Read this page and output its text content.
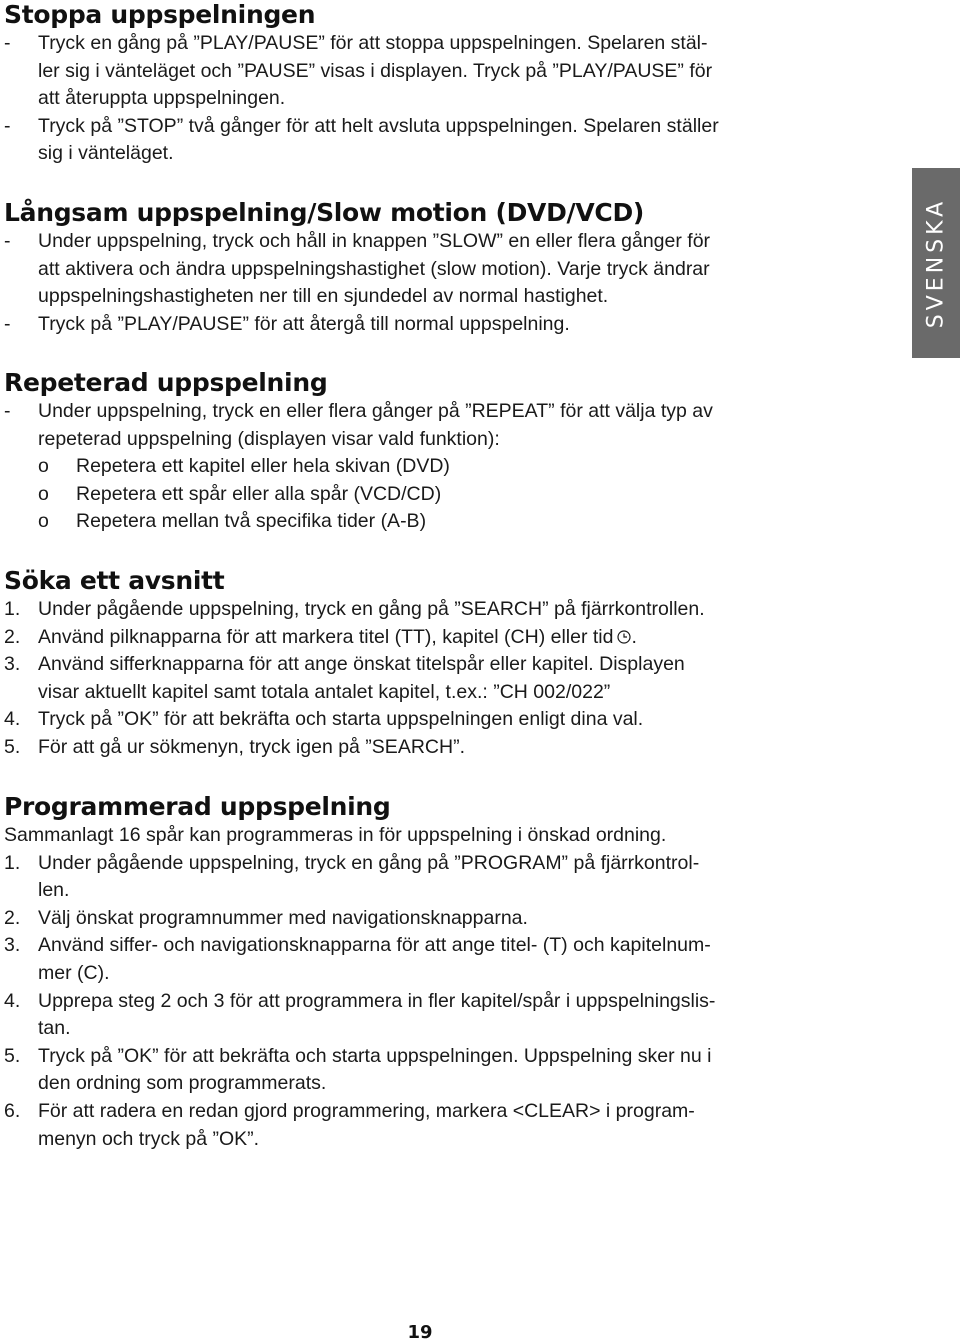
Stoppa uppspelningen
-	Tryck en gång på ”PLAY/PAUSE” för att stoppa uppspelningen. Spelaren stäl-
ler sig i vänteläget och ”PAUSE” visas i displayen. Tryck på ”PLAY/PAUSE” för
att återuppta uppspelningen.
-	Tryck på ”STOP” två gånger för att helt avsluta uppspelningen. Spelaren ställer
sig i vänteläget.
Långsam uppspelning/Slow motion (DVD/VCD)
-	Under uppspelning, tryck och håll in knappen ”SLOW” en eller flera gånger för
att aktivera och ändra uppspelningshastighet (slow motion). Varje tryck ändrar
uppspelningshastigheten ner till en sjundedel av normal hastighet.
-	Tryck på ”PLAY/PAUSE” för att återgå till normal uppspelning.
Repeterad uppspelning
-	Under uppspelning, tryck en eller flera gånger på ”REPEAT” för att välja typ av
repeterad uppspelning (displayen visar vald funktion):
o	Repetera ett kapitel eller hela skivan (DVD)
o	Repetera ett spår eller alla spår (VCD/CD)
o	Repetera mellan två specifika tider (A-B)
Söka ett avsnitt
1. Under pågående uppspelning, tryck en gång på ”SEARCH” på fjärrkontrollen.
2. Använd pilknapparna för att markera titel (TT), kapitel (CH) eller tid .
3. Använd sifferknapparna för att ange önskat titelspår eller kapitel. Displayen
visar aktuellt kapitel samt totala antalet kapitel, t.ex.: ”CH 002/022”
4. Tryck på ”OK” för att bekräfta och starta uppspelningen enligt dina val.
5. För att gå ur sökmenyn, tryck igen på ”SEARCH”.
Programmerad uppspelning
Sammanlagt 16 spår kan programmeras in för uppspelning i önskad ordning.
1. Under pågående uppspelning, tryck en gång på ”PROGRAM” på fjärrkontrol-
len.
2. Välj önskat programnummer med navigationsknapparna.
3. Använd siffer- och navigationsknapparna för att ange titel- (T) och kapitelnum-
mer (C).
4. Upprepa steg 2 och 3 för att programmera in fler kapitel/spår i uppspelningslis-
tan.
5. Tryck på ”OK” för att bekräfta och starta uppspelningen. Uppspelning sker nu i
den ordning som programmerats.
6. För att radera en redan gjord programmering, markera <CLEAR> i program-
menyn och tryck på ”OK”.
SVENSKA
19
